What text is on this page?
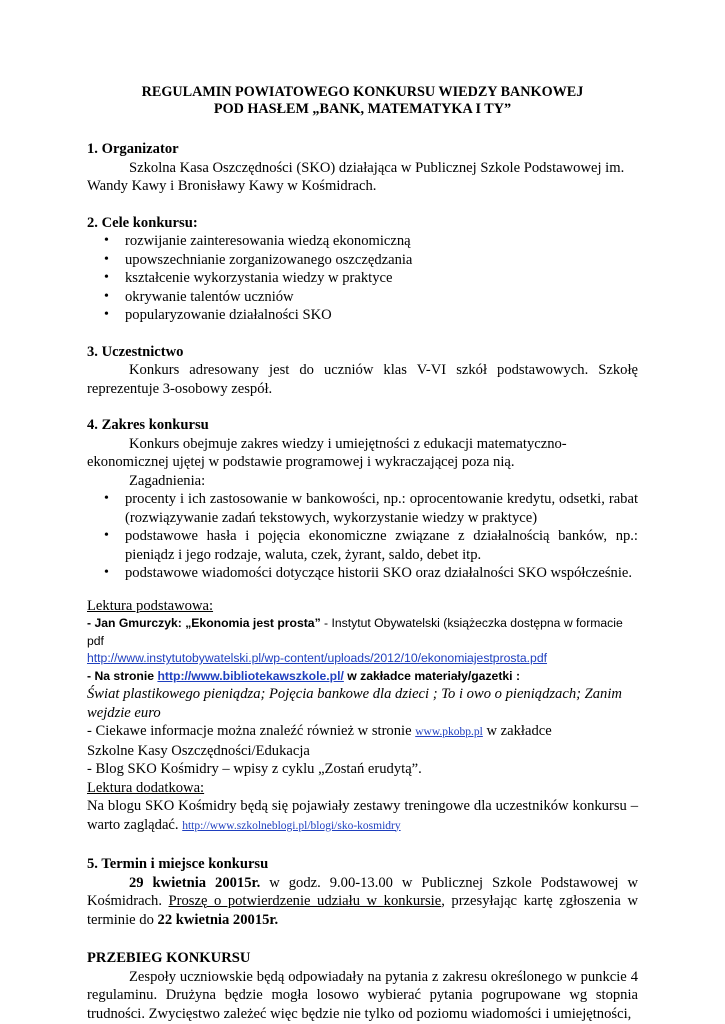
REGULAMIN POWIATOWEGO KONKURSU WIEDZY BANKOWEJ
POD HASŁEM „BANK, MATEMATYKA I TY”

1. Organizator

Szkolna Kasa Oszczędności (SKO) działająca w Publicznej Szkole Podstawowej im. Wandy Kawy i Bronisławy Kawy w Kośmidrach.

2. Cele konkursu:

• rozwijanie zainteresowania wiedzą ekonomiczną
• upowszechnianie zorganizowanego oszczędzania
• kształcenie wykorzystania wiedzy w praktyce
• okrywanie talentów uczniów
• popularyzowanie działalności SKO

3. Uczestnictwo

Konkurs adresowany jest do uczniów klas V-VI szkół podstawowych. Szkołę reprezentuje 3-osobowy zespół.

4. Zakres konkursu

Konkurs obejmuje zakres wiedzy i umiejętności z edukacji matematyczno-ekonomicznej ujętej w podstawie programowej i wykraczającej poza nią.

Zagadnienia:

• procenty i ich zastosowanie w bankowości, np.: oprocentowanie kredytu, odsetki, rabat (rozwiązywanie zadań tekstowych, wykorzystanie wiedzy w praktyce)
• podstawowe hasła i pojęcia ekonomiczne związane z działalnością banków, np.: pieniądz i jego rodzaje, waluta, czek, żyrant, saldo, debet itp.
• podstawowe wiadomości dotyczące historii SKO oraz działalności SKO współcześnie.

Lektura podstawowa:

- Jan Gmurczyk: „Ekonomia jest prosta” - Instytut Obywatelski (książeczka dostępna w formacie pdf

http://www.instytutobywatelski.pl/wp-content/uploads/2012/10/ekonomiajestprosta.pdf

- Na stronie http://www.bibliotekawszkole.pl/ w zakładce materiały/gazetki :

Świat plastikowego pieniądza; Pojęcia bankowe dla dzieci ; To i owo o pieniądzach; Zanim wejdzie euro

- Ciekawe informacje można znaleźć również w stronie www.pkobp.pl w zakładce

Szkolne Kasy Oszczędności/Edukacja

- Blog SKO Kośmidry – wpisy z cyklu „Zostań erudytą”.

Lektura dodatkowa:

Na blogu SKO Kośmidry będą się pojawiały zestawy treningowe dla uczestników konkursu – warto zaglądać. http://www.szkolneblogi.pl/blogi/sko-kosmidry

5. Termin i miejsce konkursu

29 kwietnia 20015r. w godz. 9.00-13.00 w Publicznej Szkole Podstawowej w Kośmidrach. Proszę o potwierdzenie udziału w konkursie, przesyłając kartę zgłoszenia w terminie do 22 kwietnia 20015r.

PRZEBIEG KONKURSU

Zespoły uczniowskie będą odpowiadały na pytania z zakresu określonego w punkcie 4 regulaminu. Drużyna będzie mogła losowo wybierać pytania pogrupowane wg stopnia trudności. Zwycięstwo zależeć więc będzie nie tylko od poziomu wiadomości i umiejętności,
